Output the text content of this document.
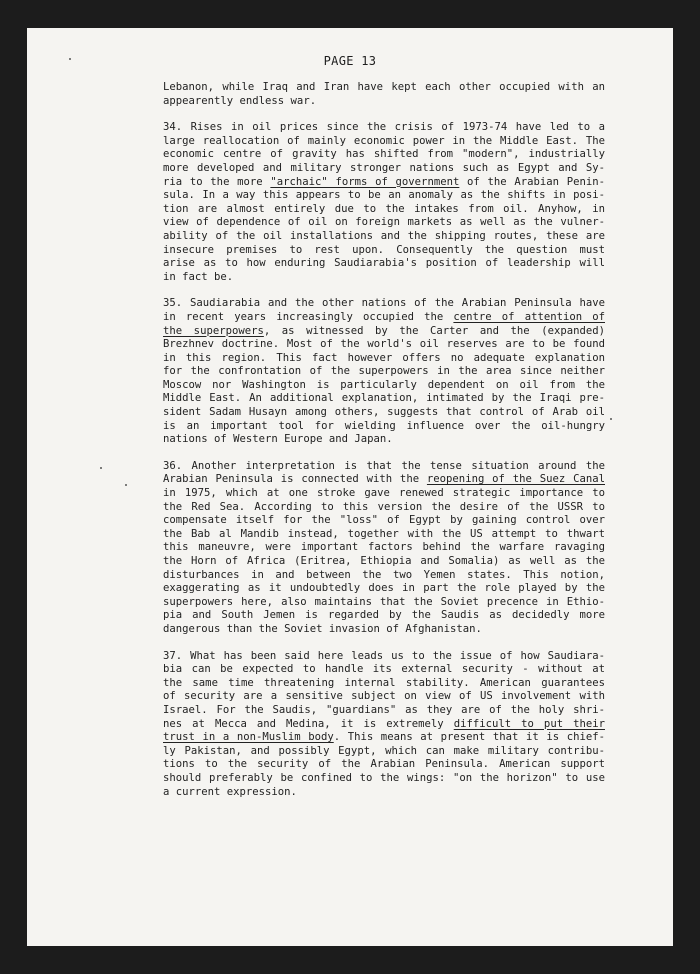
PAGE 13
Lebanon, while Iraq and Iran have kept each other occupied with an
appearently endless war.
34. Rises in oil prices since the crisis of 1973-74 have led to a
large reallocation of mainly economic power in the Middle East. The
economic centre of gravity has shifted from "modern", industrially
more developed and military stronger nations such as Egypt and Sy-
ria to the more "archaic" forms of government of the Arabian Penin-
sula. In a way this appears to be an anomaly as the shifts in posi-
tion are almost entirely due to the intakes from oil. Anyhow, in
view of dependence of oil on foreign markets as well as the vulner-
ability of the oil installations and the shipping routes, these are
insecure premises to rest upon. Consequently the question must
arise as to how enduring Saudiarabia's position of leadership will
in fact be.
35. Saudiarabia and the other nations of the Arabian Peninsula have
in recent years increasingly occupied the centre of attention of
the superpowers, as witnessed by the Carter and the (expanded)
Brezhnev doctrine. Most of the world's oil reserves are to be found
in this region. This fact however offers no adequate explanation
for the confrontation of the superpowers in the area since neither
Moscow nor Washington is particularly dependent on oil from the
Middle East. An additional explanation, intimated by the Iraqi pre-
sident Sadam Husayn among others, suggests that control of Arab oil
is an important tool for wielding influence over the oil-hungry
nations of Western Europe and Japan.
36. Another interpretation is that the tense situation around the
Arabian Peninsula is connected with the reopening of the Suez Canal
in 1975, which at one stroke gave renewed strategic importance to
the Red Sea. According to this version the desire of the USSR to
compensate itself for the "loss" of Egypt by gaining control over
the Bab al Mandib instead, together with the US attempt to thwart
this maneuvre, were important factors behind the warfare ravaging
the Horn of Africa (Eritrea, Ethiopia and Somalia) as well as the
disturbances in and between the two Yemen states. This notion,
exaggerating as it undoubtedly does in part the role played by the
superpowers here, also maintains that the Soviet precence in Ethio-
pia and South Jemen is regarded by the Saudis as decidedly more
dangerous than the Soviet invasion of Afghanistan.
37. What has been said here leads us to the issue of how Saudiara-
bia can be expected to handle its external security - without at
the same time threatening internal stability. American guarantees
of security are a sensitive subject on view of US involvement with
Israel. For the Saudis, "guardians" as they are of the holy shri-
nes at Mecca and Medina, it is extremely difficult to put their
trust in a non-Muslim body. This means at present that it is chief-
ly Pakistan, and possibly Egypt, which can make military contribu-
tions to the security of the Arabian Peninsula. American support
should preferably be confined to the wings: "on the horizon" to use
a current expression.
